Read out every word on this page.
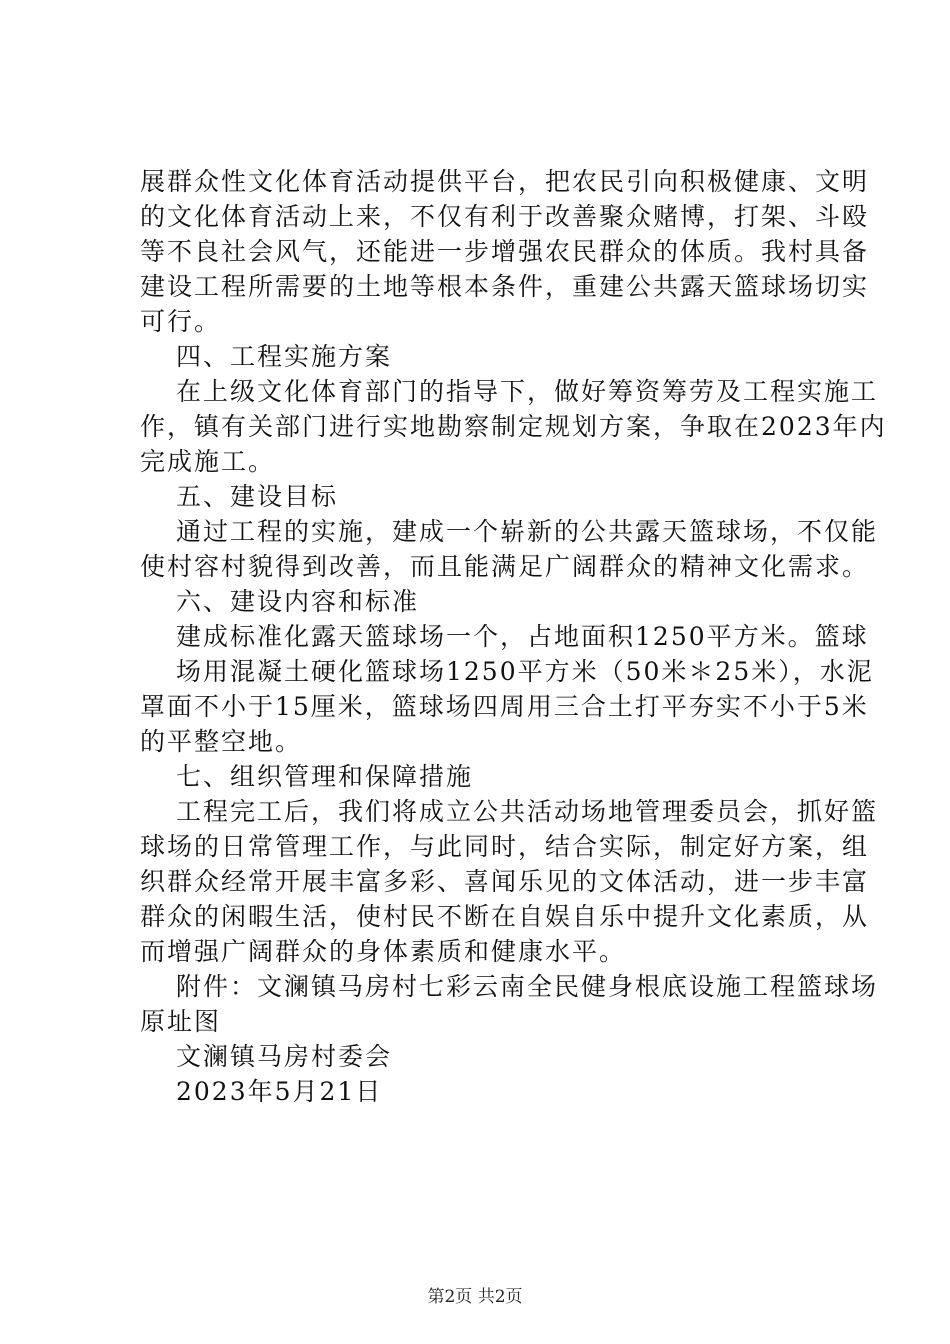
展群众性文化体育活动提供平台，把农民引向积极健康、文明
的文化体育活动上来，不仅有利于改善聚众赌博，打架、斗殴
等不良社会风气，还能进一步增强农民群众的体质。我村具备
建设工程所需要的土地等根本条件，重建公共露天篮球场切实
可行。
四、工程实施方案
在上级文化体育部门的指导下，做好筹资筹劳及工程实施工
作，镇有关部门进行实地勘察制定规划方案，争取在2023年内
完成施工。
五、建设目标
通过工程的实施，建成一个崭新的公共露天篮球场，不仅能
使村容村貌得到改善，而且能满足广阔群众的精神文化需求。
六、建设内容和标准
建成标准化露天篮球场一个，占地面积1250平方米。篮球
场用混凝土硬化篮球场1250平方米（50米＊25米），水泥
罩面不小于15厘米，篮球场四周用三合土打平夯实不小于5米
的平整空地。
七、组织管理和保障措施
工程完工后，我们将成立公共活动场地管理委员会，抓好篮
球场的日常管理工作，与此同时，结合实际，制定好方案，组
织群众经常开展丰富多彩、喜闻乐见的文体活动，进一步丰富
群众的闲暇生活，使村民不断在自娱自乐中提升文化素质，从
而增强广阔群众的身体素质和健康水平。
附件：文澜镇马房村七彩云南全民健身根底设施工程篮球场
原址图
文澜镇马房村委会
2023年5月21日
第2页 共2页
